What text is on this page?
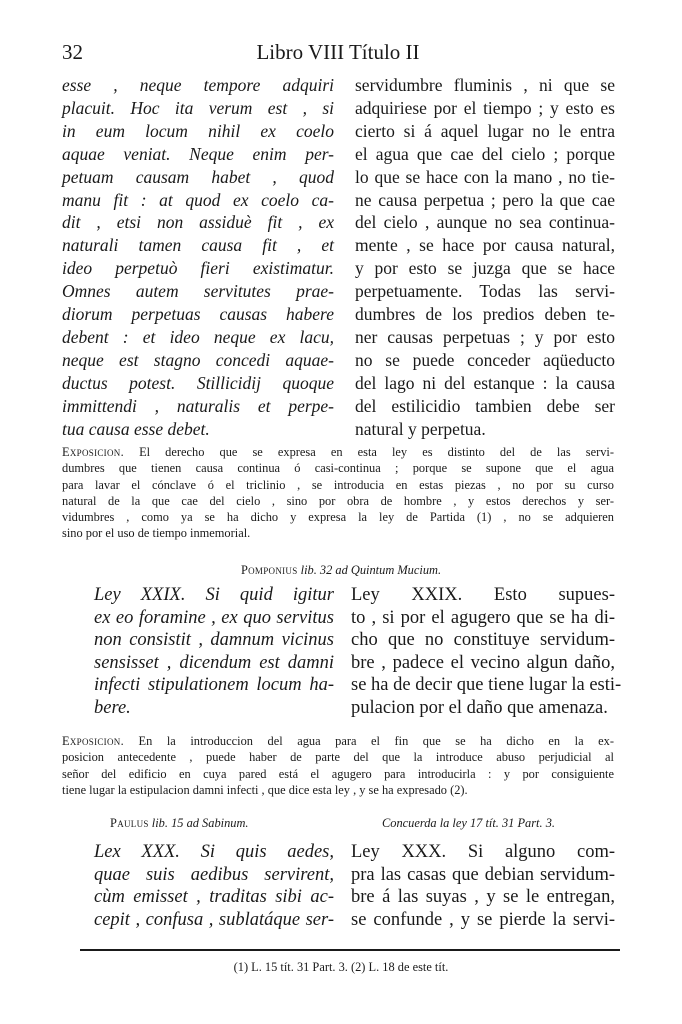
32	Libro VIII Título II
esse , neque tempore adquiri
placuit. Hoc ita verum est , si
in eum locum nihil ex coelo
aquae veniat. Neque enim per-
petuam causam habet , quod
manu fit : at quod ex coelo ca-
dit , etsi non assiduè fit , ex
naturali tamen causa fit , et
ideo perpetuò fieri existimatur.
Omnes autem servitutes prae-
diorum perpetuas causas habere
debent : et ideo neque ex lacu,
neque est stagno concedi aquae-
ductus potest. Stillicidij quoque
immittendi , naturalis et perpe-
tua causa esse debet.
servidumbre fluminis , ni que se
adquiriese por el tiempo ; y esto es
cierto si á aquel lugar no le entra
el agua que cae del cielo ; porque
lo que se hace con la mano , no tie-
ne causa perpetua ; pero la que cae
del cielo , aunque no sea continua-
mente , se hace por causa natural,
y por esto se juzga que se hace
perpetuamente. Todas las servi-
dumbres de los predios deben te-
ner causas perpetuas ; y por esto
no se puede conceder aqüeducto
del lago ni del estanque : la causa
del estilicidio tambien debe ser
natural y perpetua.
Exposicion. El derecho que se expresa en esta ley es distinto del de las servi-
dumbres que tienen causa continua ó casi-continua ; porque se supone que el agua
para lavar el cónclave ó el triclinio , se introducia en estas piezas , no por su curso
natural de la que cae del cielo , sino por obra de hombre , y estos derechos y ser-
vidumbres , como ya se ha dicho y expresa la ley de Partida (1) , no se adquieren
sino por el uso de tiempo inmemorial.
Pomponius lib. 32 ad Quintum Mucium.
Ley XXIX. Si quid igitur
ex eo foramine , ex quo servitus
non consistit , damnum vicinus
sensisset , dicendum est damni
infecti stipulationem locum ha-
bere.
Ley XXIX. Esto supues-
to , si por el agugero que se ha di-
cho que no constituye servidum-
bre , padece el vecino algun daño,
se ha de decir que tiene lugar la esti-
pulacion por el daño que amenaza.
Exposicion. En la introduccion del agua para el fin que se ha dicho en la ex-
posicion antecedente , puede haber de parte del que la introduce abuso perjudicial al
señor del edificio en cuya pared está el agugero para introducirla : y por consiguiente
tiene lugar la estipulacion damni infecti , que dice esta ley , y se ha expresado (2).
Paulus lib. 15 ad Sabinum.	Concuerda la ley 17 tít. 31 Part. 3.
Lex XXX. Si quis aedes,
quae suis aedibus servirent,
cùm emisset , traditas sibi ac-
cepit , confusa , sublatáque ser-
Ley XXX. Si alguno com-
pra las casas que debian servidum-
bre á las suyas , y se le entregan,
se confunde , y se pierde la servi-
(1) L. 15 tít. 31 Part. 3. (2) L. 18 de este tít.
